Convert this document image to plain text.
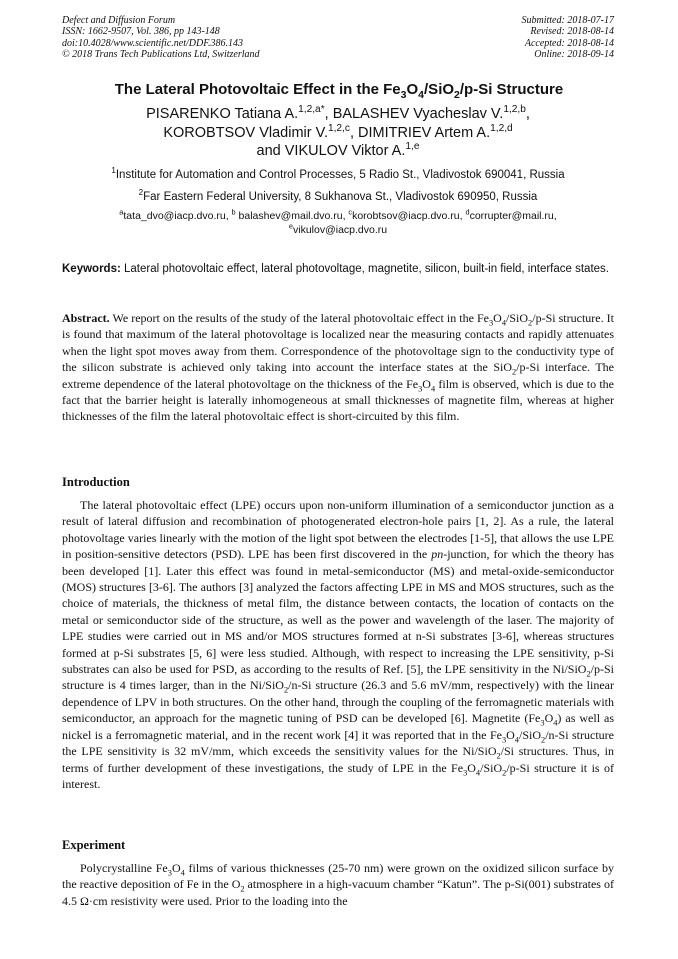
Defect and Diffusion Forum
ISSN: 1662-9507, Vol. 386, pp 143-148
doi:10.4028/www.scientific.net/DDF.386.143
© 2018 Trans Tech Publications Ltd, Switzerland
Submitted: 2018-07-17
Revised: 2018-08-14
Accepted: 2018-08-14
Online: 2018-09-14
The Lateral Photovoltaic Effect in the $Fe_3O_4/SiO_2/p-Si$ Structure
PISARENKO Tatiana A.$^{1,2,a*}$, BALASHEV Vyacheslav V.$^{1,2,b}$,
KOROBTSOV Vladimir V.$^{1,2,c}$, DIMITRIEV Artem A.$^{1,2,d}$
and VIKULOV Viktor A.$^{1,e}$
$^1$Institute for Automation and Control Processes, 5 Radio St., Vladivostok 690041, Russia
$^2$Far Eastern Federal University, 8 Sukhanova St., Vladivostok 690950, Russia
$^a$tata_dvo@iacp.dvo.ru, $^b$ balashev@mail.dvo.ru, $^c$korobtsov@iacp.dvo.ru, $^d$corrupter@mail.ru,
$^e$vikulov@iacp.dvo.ru
Keywords: Lateral photovoltaic effect, lateral photovoltage, magnetite, silicon, built-in field, interface states.
Abstract. We report on the results of the study of the lateral photovoltaic effect in the $Fe_3O_4/SiO_2/p-Si$ structure. It is found that maximum of the lateral photovoltage is localized near the measuring contacts and rapidly attenuates when the light spot moves away from them. Correspondence of the photovoltage sign to the conductivity type of the silicon substrate is achieved only taking into account the interface states at the SiO$_2$/p-Si interface. The extreme dependence of the lateral photovoltage on the thickness of the $Fe_3O_4$ film is observed, which is due to the fact that the barrier height is laterally inhomogeneous at small thicknesses of magnetite film, whereas at higher thicknesses of the film the lateral photovoltaic effect is short-circuited by this film.
Introduction
The lateral photovoltaic effect (LPE) occurs upon non-uniform illumination of a semiconductor junction as a result of lateral diffusion and recombination of photogenerated electron-hole pairs [1, 2]. As a rule, the lateral photovoltage varies linearly with the motion of the light spot between the electrodes [1-5], that allows the use LPE in position-sensitive detectors (PSD). LPE has been first discovered in the pn-junction, for which the theory has been developed [1]. Later this effect was found in metal-semiconductor (MS) and metal-oxide-semiconductor (MOS) structures [3-6]. The authors [3] analyzed the factors affecting LPE in MS and MOS structures, such as the choice of materials, the thickness of metal film, the distance between contacts, the location of contacts on the metal or semiconductor side of the structure, as well as the power and wavelength of the laser. The majority of LPE studies were carried out in MS and/or MOS structures formed at n-Si substrates [3-6], whereas structures formed at p-Si substrates [5, 6] were less studied. Although, with respect to increasing the LPE sensitivity, p-Si substrates can also be used for PSD, as according to the results of Ref. [5], the LPE sensitivity in the Ni/SiO$_2$/p-Si structure is 4 times larger, than in the Ni/SiO$_2$/n-Si structure (26.3 and 5.6 mV/mm, respectively) with the linear dependence of LPV in both structures. On the other hand, through the coupling of the ferromagnetic materials with semiconductor, an approach for the magnetic tuning of PSD can be developed [6]. Magnetite $(Fe_3O_4)$ as well as nickel is a ferromagnetic material, and in the recent work [4] it was reported that in the $Fe_3O_4/SiO_2/n-Si$ structure the LPE sensitivity is 32 mV/mm, which exceeds the sensitivity values for the Ni/SiO$_2$/Si structures. Thus, in terms of further development of these investigations, the study of LPE in the $Fe_3O_4/SiO_2/p-Si$ structure it is of interest.
Experiment
Polycrystalline $Fe_3O_4$ films of various thicknesses (25-70 nm) were grown on the oxidized silicon surface by the reactive deposition of Fe in the $O_2$ atmosphere in a high-vacuum chamber “Katun”. The p-Si(001) substrates of 4.5 Ω·cm resistivity were used. Prior to the loading into the
